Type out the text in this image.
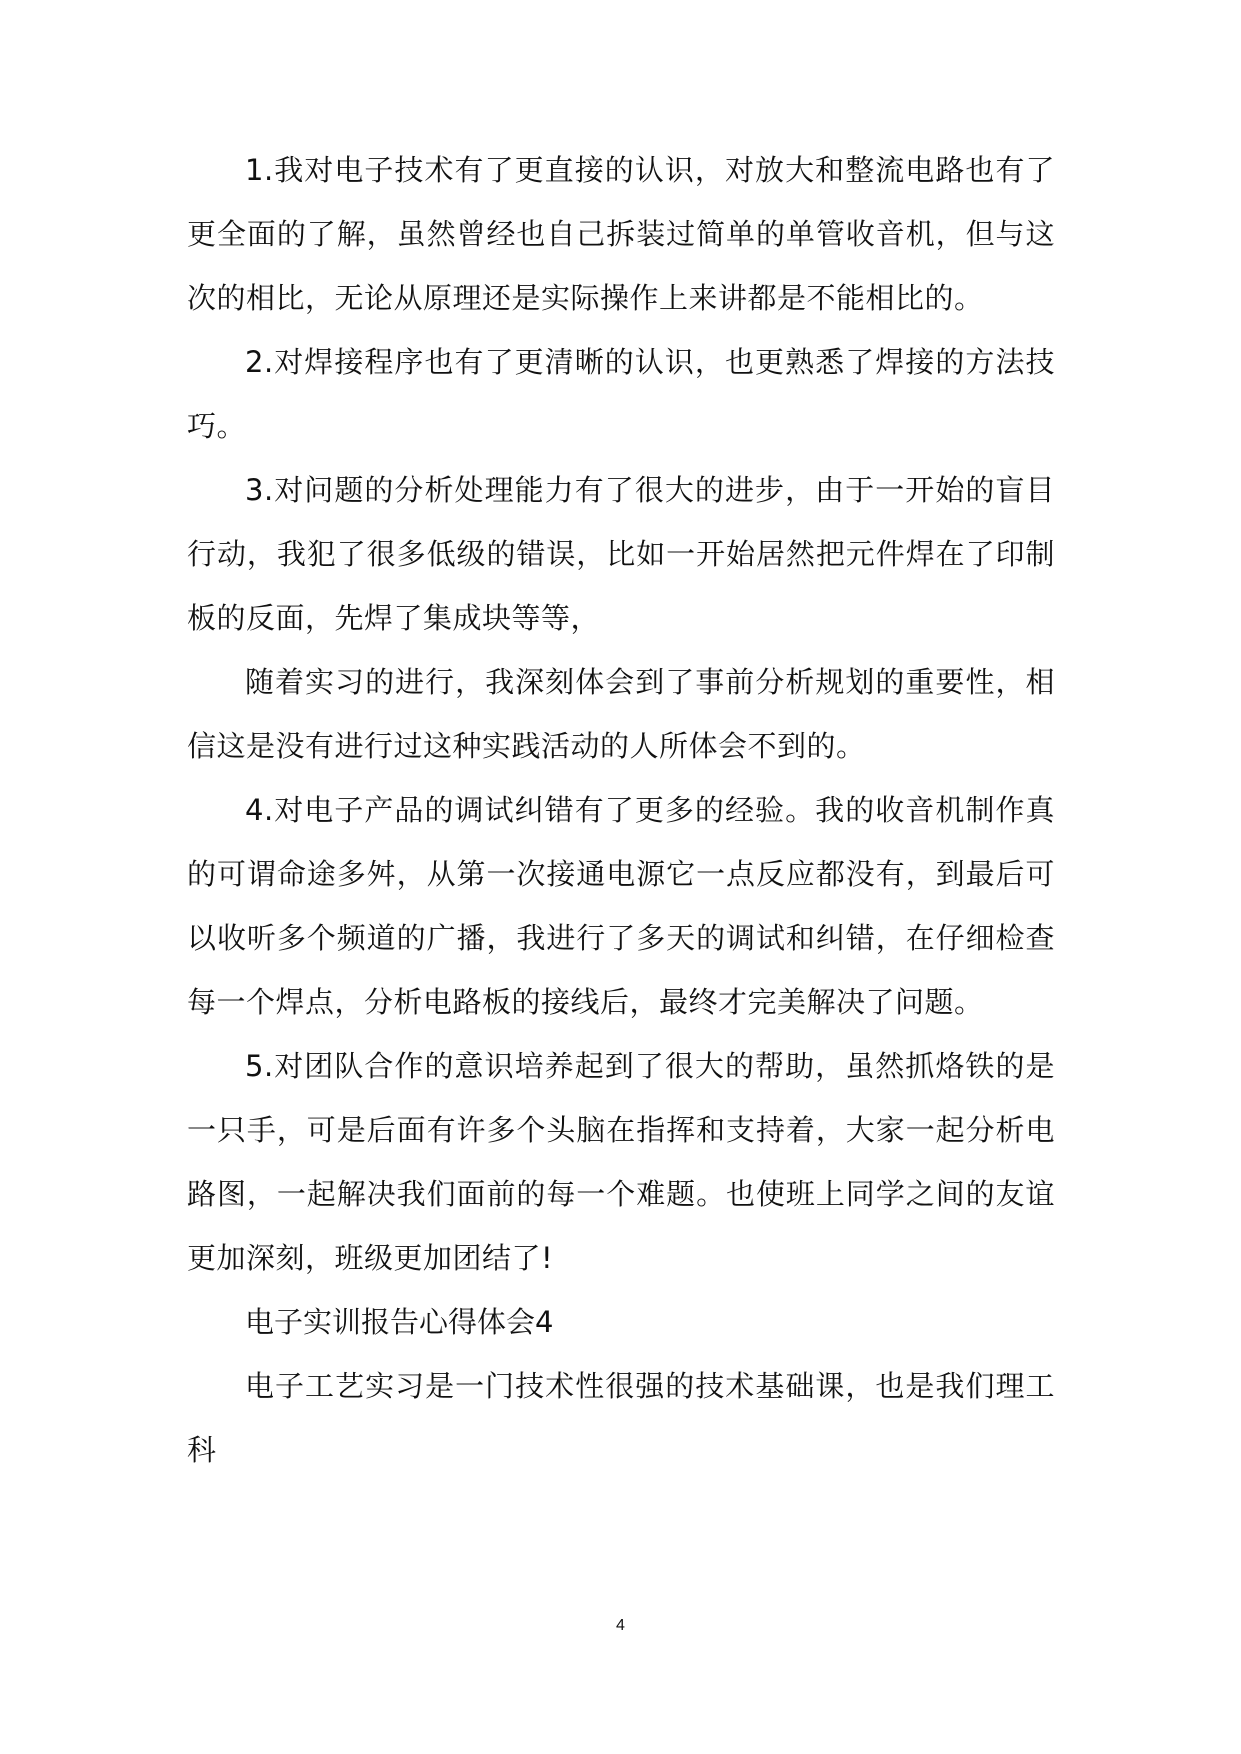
1.我对电子技术有了更直接的认识，对放大和整流电路也有了更全面的了解，虽然曾经也自己拆装过简单的单管收音机，但与这次的相比，无论从原理还是实际操作上来讲都是不能相比的。

2.对焊接程序也有了更清晰的认识，也更熟悉了焊接的方法技巧。

3.对问题的分析处理能力有了很大的进步，由于一开始的盲目行动，我犯了很多低级的错误，比如一开始居然把元件焊在了印制板的反面，先焊了集成块等等，

随着实习的进行，我深刻体会到了事前分析规划的重要性，相信这是没有进行过这种实践活动的人所体会不到的。

4.对电子产品的调试纠错有了更多的经验。我的收音机制作真的可谓命途多舛，从第一次接通电源它一点反应都没有，到最后可以收听多个频道的广播，我进行了多天的调试和纠错，在仔细检查每一个焊点，分析电路板的接线后，最终才完美解决了问题。

5.对团队合作的意识培养起到了很大的帮助，虽然抓烙铁的是一只手，可是后面有许多个头脑在指挥和支持着，大家一起分析电路图，一起解决我们面前的每一个难题。也使班上同学之间的友谊更加深刻，班级更加团结了!

电子实训报告心得体会4

电子工艺实习是一门技术性很强的技术基础课，也是我们理工科

4
